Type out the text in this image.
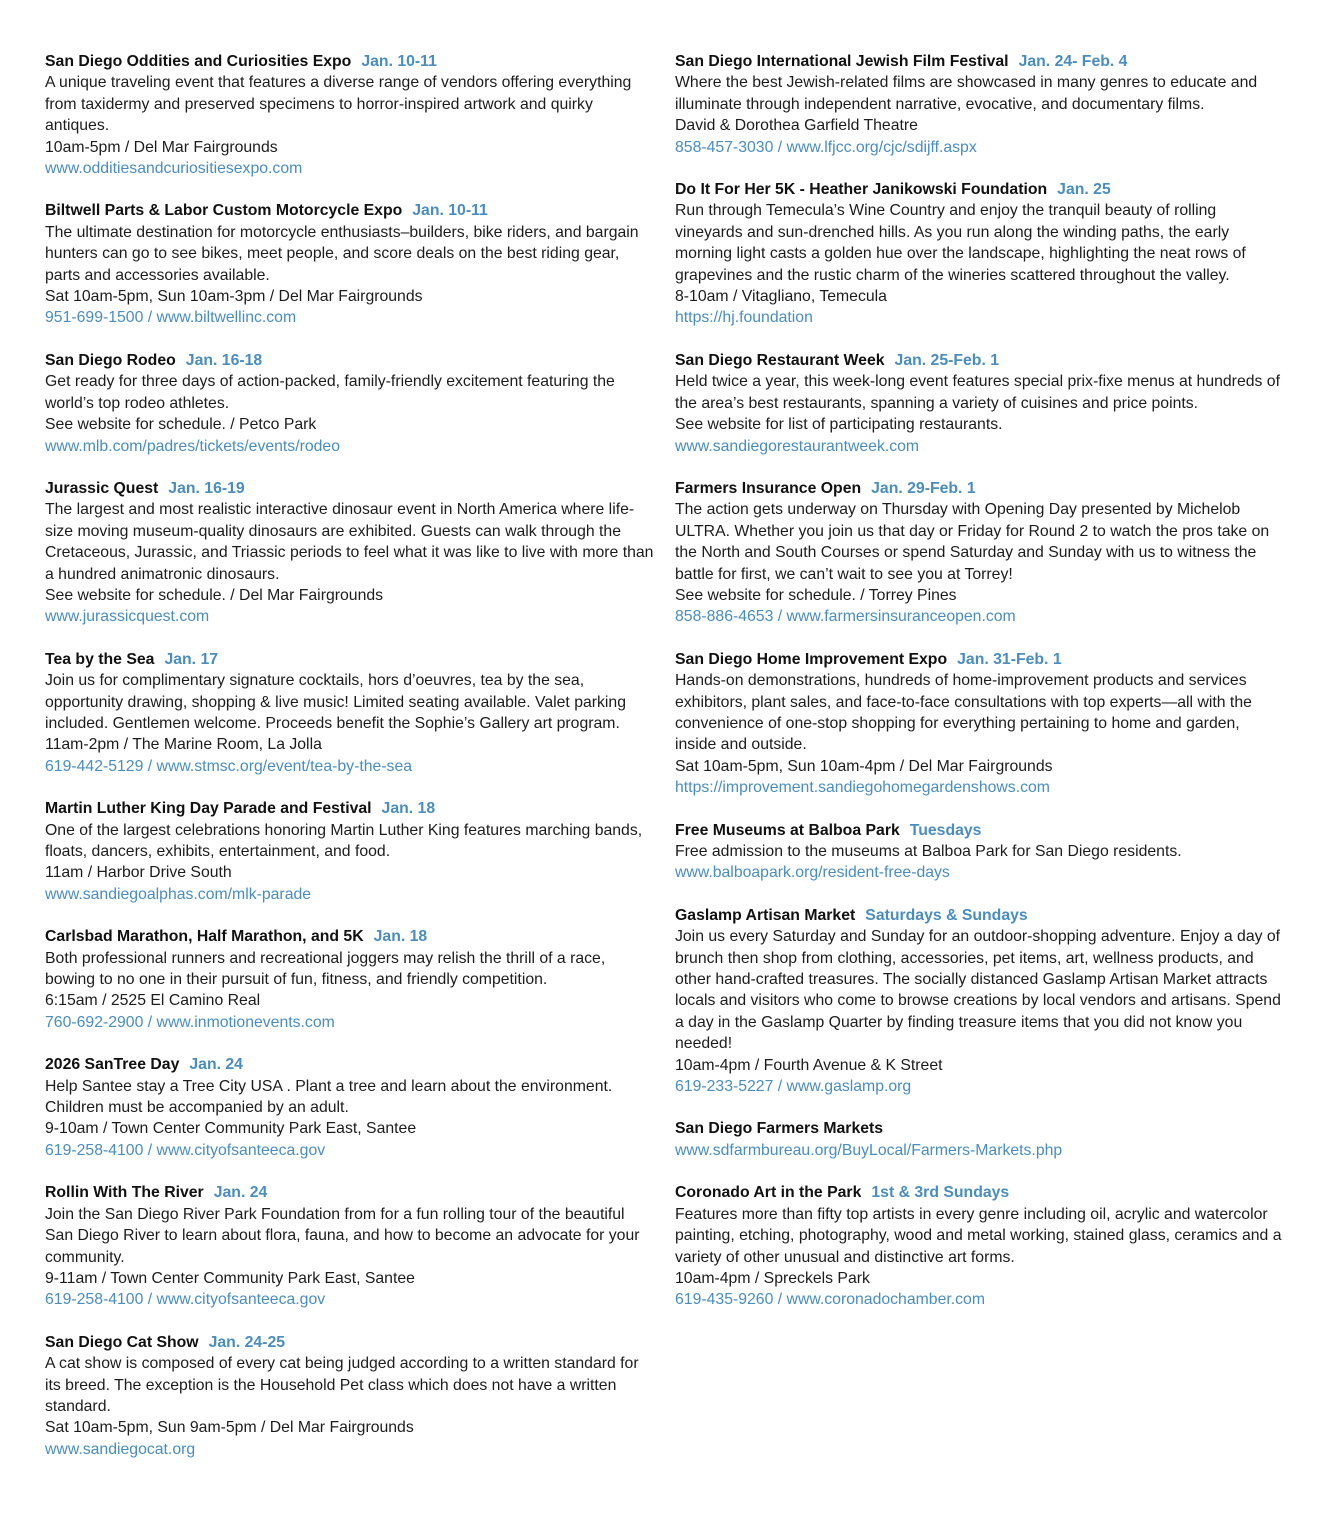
San Diego Oddities and Curiosities Expo Jan. 10-11
A unique traveling event that features a diverse range of vendors offering everything from taxidermy and preserved specimens to horror-inspired artwork and quirky antiques.
10am-5pm / Del Mar Fairgrounds
www.odditiesandcuriositiesexpo.com
Biltwell Parts & Labor Custom Motorcycle Expo Jan. 10-11
The ultimate destination for motorcycle enthusiasts–builders, bike riders, and bargain hunters can go to see bikes, meet people, and score deals on the best riding gear, parts and accessories available.
Sat 10am-5pm, Sun 10am-3pm / Del Mar Fairgrounds
951-699-1500 / www.biltwellinc.com
San Diego Rodeo Jan. 16-18
Get ready for three days of action-packed, family-friendly excitement featuring the world’s top rodeo athletes.
See website for schedule. / Petco Park
www.mlb.com/padres/tickets/events/rodeo
Jurassic Quest Jan. 16-19
The largest and most realistic interactive dinosaur event in North America where life-size moving museum-quality dinosaurs are exhibited. Guests can walk through the Cretaceous, Jurassic, and Triassic periods to feel what it was like to live with more than a hundred animatronic dinosaurs.
See website for schedule. / Del Mar Fairgrounds
www.jurassicquest.com
Tea by the Sea Jan. 17
Join us for complimentary signature cocktails, hors d’oeuvres, tea by the sea, opportunity drawing, shopping & live music! Limited seating available. Valet parking included. Gentlemen welcome. Proceeds benefit the Sophie’s Gallery art program.
11am-2pm / The Marine Room, La Jolla
619-442-5129 / www.stmsc.org/event/tea-by-the-sea
Martin Luther King Day Parade and Festival Jan. 18
One of the largest celebrations honoring Martin Luther King features marching bands, floats, dancers, exhibits, entertainment, and food.
11am / Harbor Drive South
www.sandiegoalphas.com/mlk-parade
Carlsbad Marathon, Half Marathon, and 5K Jan. 18
Both professional runners and recreational joggers may relish the thrill of a race, bowing to no one in their pursuit of fun, fitness, and friendly competition.
6:15am / 2525 El Camino Real
760-692-2900 / www.inmotionevents.com
2026 SanTree Day Jan. 24
Help Santee stay a Tree City USA . Plant a tree and learn about the environment. Children must be accompanied by an adult.
9-10am / Town Center Community Park East, Santee
619-258-4100 / www.cityofsanteeca.gov
Rollin With The River Jan. 24
Join the San Diego River Park Foundation from for a fun rolling tour of the beautiful San Diego River to learn about flora, fauna, and how to become an advocate for your community.
9-11am / Town Center Community Park East, Santee
619-258-4100 / www.cityofsanteeca.gov
San Diego Cat Show Jan. 24-25
A cat show is composed of every cat being judged according to a written standard for its breed. The exception is the Household Pet class which does not have a written standard.
Sat 10am-5pm, Sun 9am-5pm / Del Mar Fairgrounds
www.sandiegocat.org
San Diego International Jewish Film Festival Jan. 24- Feb. 4
Where the best Jewish-related films are showcased in many genres to educate and illuminate through independent narrative, evocative, and documentary films.
David & Dorothea Garfield Theatre
858-457-3030 / www.lfjcc.org/cjc/sdijff.aspx
Do It For Her 5K - Heather Janikowski Foundation Jan. 25
Run through Temecula’s Wine Country and enjoy the tranquil beauty of rolling vineyards and sun-drenched hills. As you run along the winding paths, the early morning light casts a golden hue over the landscape, highlighting the neat rows of grapevines and the rustic charm of the wineries scattered throughout the valley.
8-10am / Vitagliano, Temecula
https://hj.foundation
San Diego Restaurant Week Jan. 25-Feb. 1
Held twice a year, this week-long event features special prix-fixe menus at hundreds of the area’s best restaurants, spanning a variety of cuisines and price points.
See website for list of participating restaurants.
www.sandiegorestaurantweek.com
Farmers Insurance Open Jan. 29-Feb. 1
The action gets underway on Thursday with Opening Day presented by Michelob ULTRA. Whether you join us that day or Friday for Round 2 to watch the pros take on the North and South Courses or spend Saturday and Sunday with us to witness the battle for first, we can’t wait to see you at Torrey!
See website for schedule. / Torrey Pines
858-886-4653 / www.farmersinsuranceopen.com
San Diego Home Improvement Expo Jan. 31-Feb. 1
Hands-on demonstrations, hundreds of home-improvement products and services exhibitors, plant sales, and face-to-face consultations with top experts—all with the convenience of one-stop shopping for everything pertaining to home and garden, inside and outside.
Sat 10am-5pm, Sun 10am-4pm / Del Mar Fairgrounds
https://improvement.sandiegohomegardenshows.com
Free Museums at Balboa Park Tuesdays
Free admission to the museums at Balboa Park for San Diego residents.
www.balboapark.org/resident-free-days
Gaslamp Artisan Market Saturdays & Sundays
Join us every Saturday and Sunday for an outdoor-shopping adventure. Enjoy a day of brunch then shop from clothing, accessories, pet items, art, wellness products, and other hand-crafted treasures. The socially distanced Gaslamp Artisan Market attracts locals and visitors who come to browse creations by local vendors and artisans. Spend a day in the Gaslamp Quarter by finding treasure items that you did not know you needed!
10am-4pm / Fourth Avenue & K Street
619-233-5227 / www.gaslamp.org
San Diego Farmers Markets
www.sdfarmbureau.org/BuyLocal/Farmers-Markets.php
Coronado Art in the Park 1st & 3rd Sundays
Features more than fifty top artists in every genre including oil, acrylic and watercolor painting, etching, photography, wood and metal working, stained glass, ceramics and a variety of other unusual and distinctive art forms.
10am-4pm / Spreckels Park
619-435-9260 / www.coronadochamber.com
